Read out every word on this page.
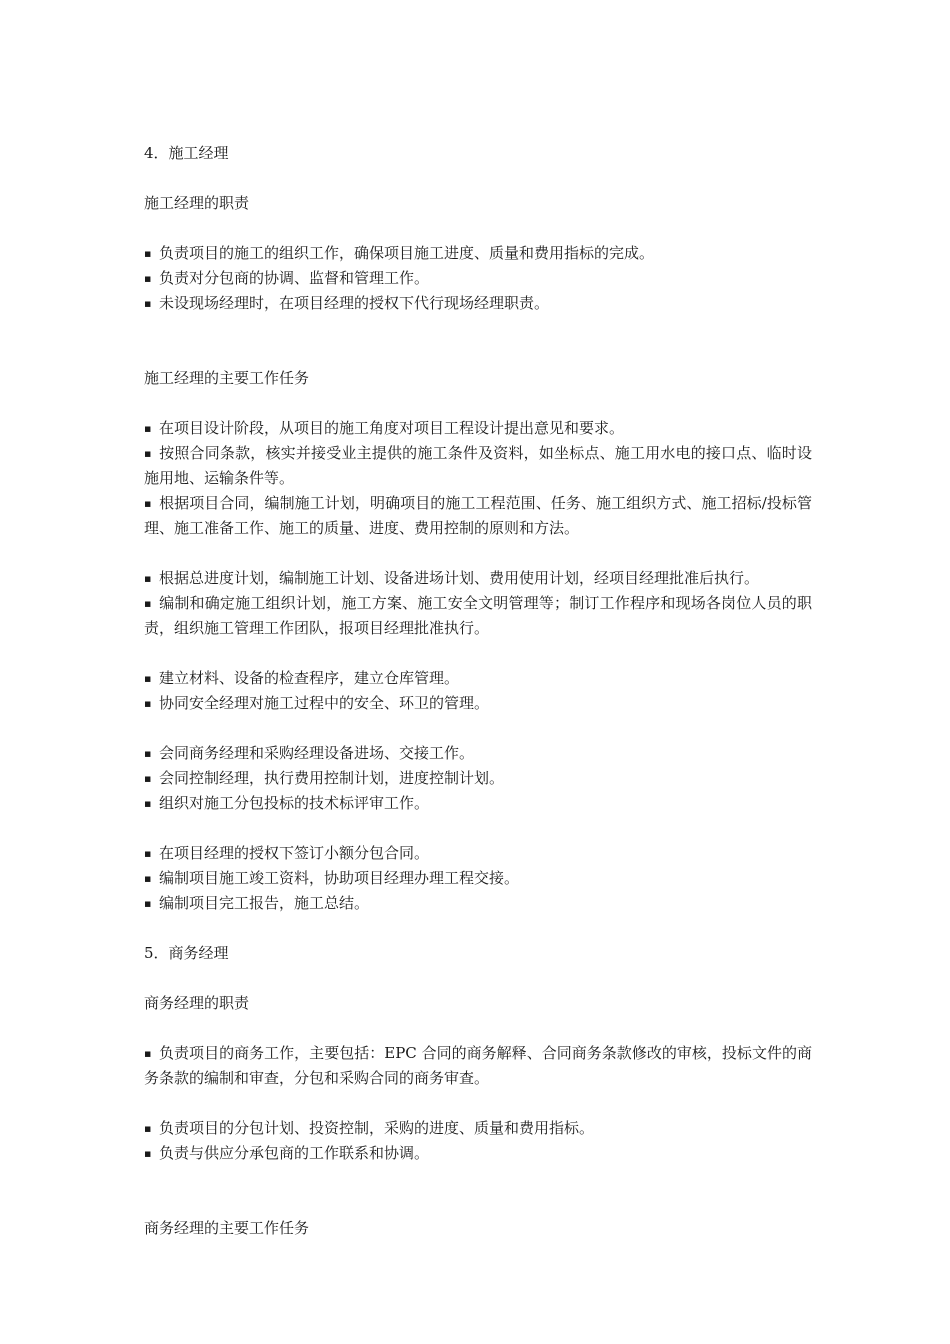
4．施工经理
施工经理的职责
▪ 负责项目的施工的组织工作，确保项目施工进度、质量和费用指标的完成。
▪ 负责对分包商的协调、监督和管理工作。
▪ 未设现场经理时，在项目经理的授权下代行现场经理职责。
施工经理的主要工作任务
▪ 在项目设计阶段，从项目的施工角度对项目工程设计提出意见和要求。
▪ 按照合同条款，核实并接受业主提供的施工条件及资料，如坐标点、施工用水电的接口点、临时设施用地、运输条件等。
▪ 根据项目合同，编制施工计划，明确项目的施工工程范围、任务、施工组织方式、施工招标/投标管理、施工准备工作、施工的质量、进度、费用控制的原则和方法。
▪ 根据总进度计划，编制施工计划、设备进场计划、费用使用计划，经项目经理批准后执行。
▪ 编制和确定施工组织计划，施工方案、施工安全文明管理等；制订工作程序和现场各岗位人员的职责，组织施工管理工作团队，报项目经理批准执行。
▪ 建立材料、设备的检查程序，建立仓库管理。
▪ 协同安全经理对施工过程中的安全、环卫的管理。
▪ 会同商务经理和采购经理设备进场、交接工作。
▪ 会同控制经理，执行费用控制计划，进度控制计划。
▪ 组织对施工分包投标的技术标评审工作。
▪ 在项目经理的授权下签订小额分包合同。
▪ 编制项目施工竣工资料，协助项目经理办理工程交接。
▪ 编制项目完工报告，施工总结。
5．商务经理
商务经理的职责
▪ 负责项目的商务工作，主要包括：EPC 合同的商务解释、合同商务条款修改的审核，投标文件的商务条款的编制和审查，分包和采购合同的商务审查。
▪ 负责项目的分包计划、投资控制，采购的进度、质量和费用指标。
▪ 负责与供应分承包商的工作联系和协调。
商务经理的主要工作任务
